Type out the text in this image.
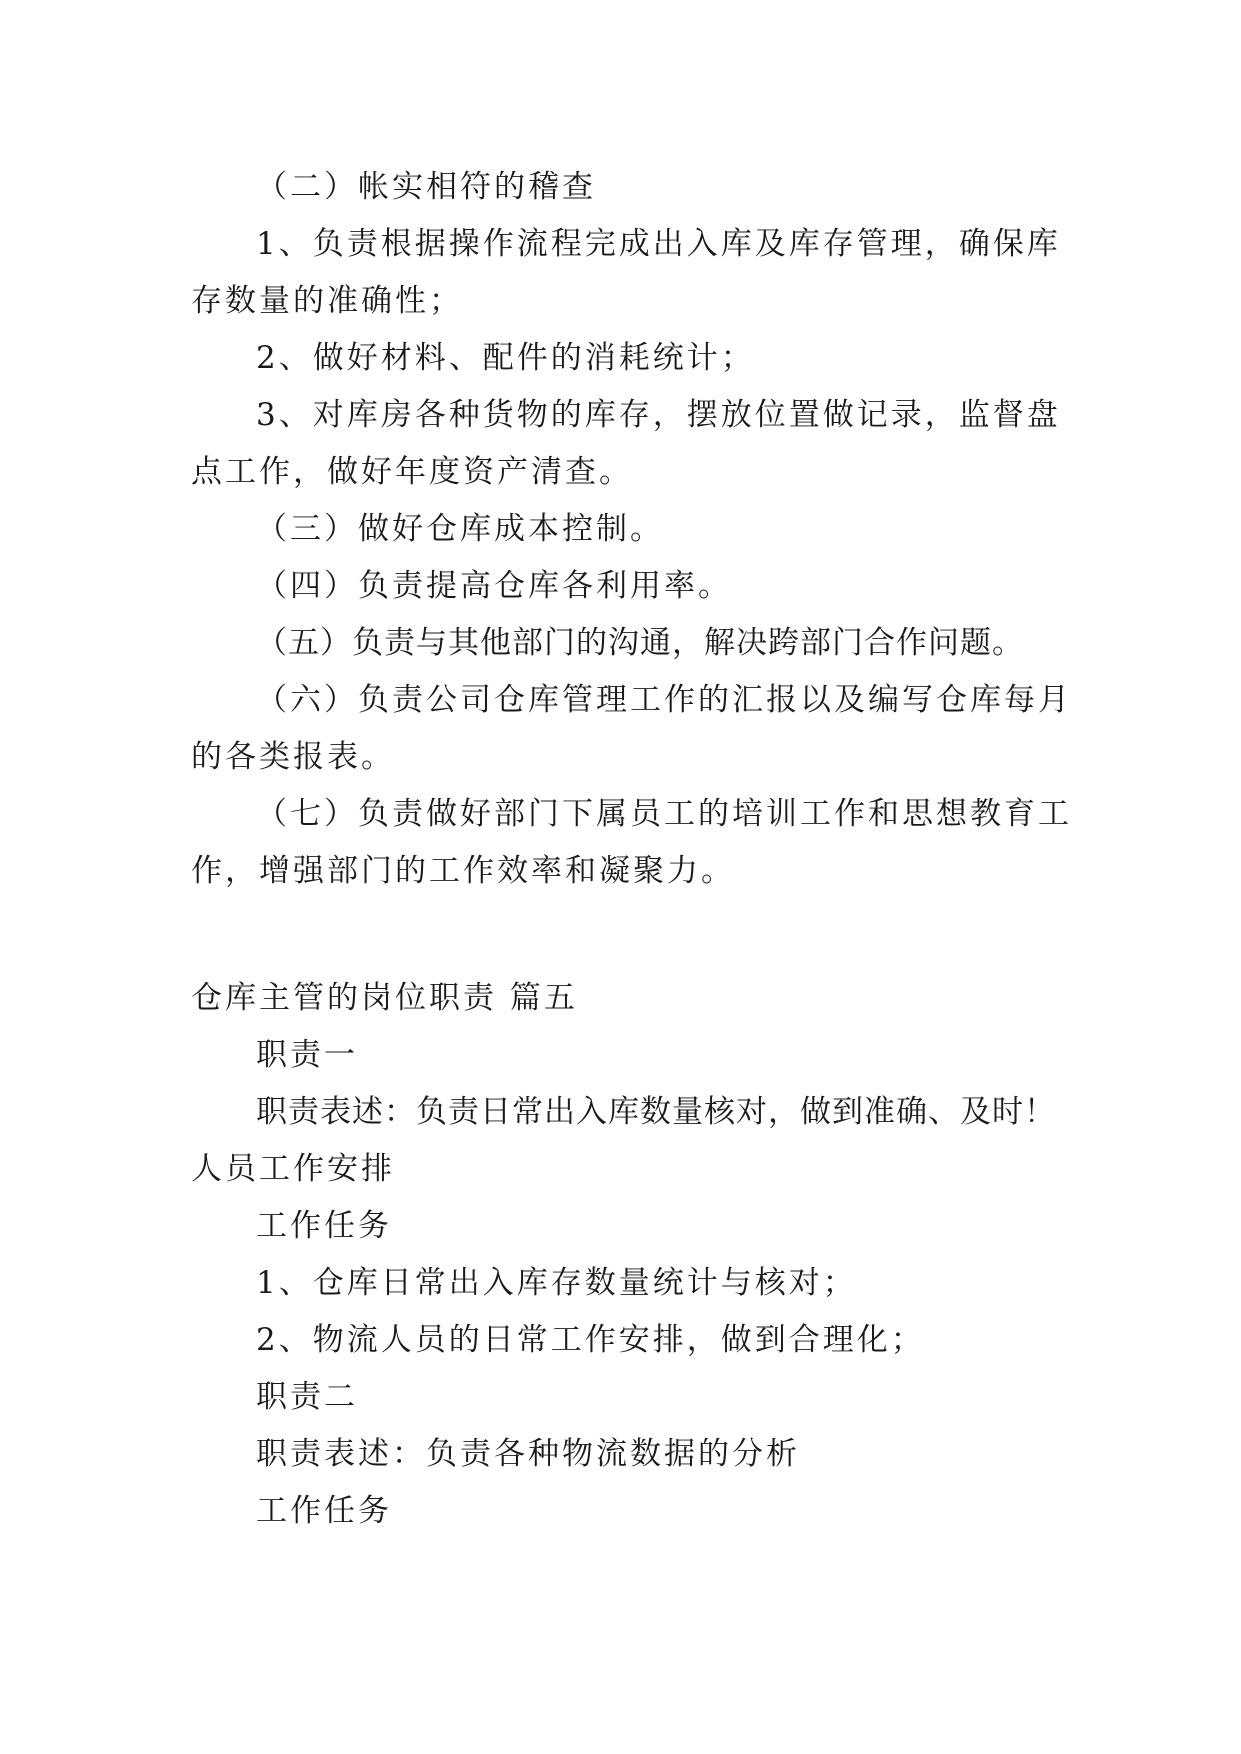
（二）帐实相符的稽查
1、负责根据操作流程完成出入库及库存管理，确保库
存数量的准确性；
2、做好材料、配件的消耗统计；
3、对库房各种货物的库存，摆放位置做记录，监督盘
点工作，做好年度资产清查。
（三）做好仓库成本控制。
（四）负责提高仓库各利用率。
（五）负责与其他部门的沟通，解决跨部门合作问题。
（六）负责公司仓库管理工作的汇报以及编写仓库每月
的各类报表。
（七）负责做好部门下属员工的培训工作和思想教育工
作，增强部门的工作效率和凝聚力。
仓库主管的岗位职责 篇五
职责一
职责表述：负责日常出入库数量核对，做到准确、及时！
人员工作安排
工作任务
1、仓库日常出入库存数量统计与核对；
2、物流人员的日常工作安排，做到合理化；
职责二
职责表述：负责各种物流数据的分析
工作任务
